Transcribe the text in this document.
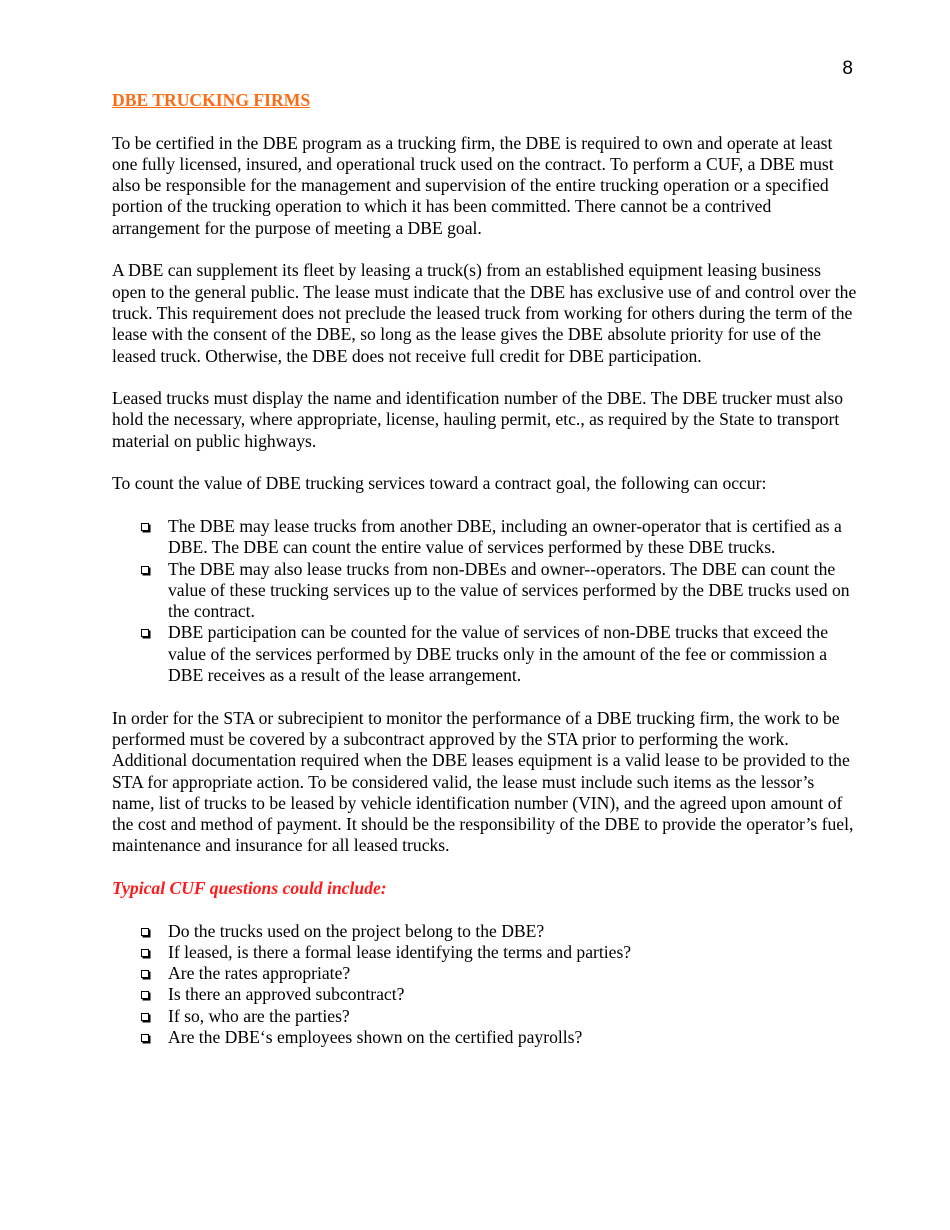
8
DBE TRUCKING FIRMS

To be certified in the DBE program as a trucking firm, the DBE is required to own and operate at least one fully licensed, insured, and operational truck used on the contract. To perform a CUF, a DBE must also be responsible for the management and supervision of the entire trucking operation or a specified portion of the trucking operation to which it has been committed. There cannot be a contrived arrangement for the purpose of meeting a DBE goal.

A DBE can supplement its fleet by leasing a truck(s) from an established equipment leasing business open to the general public. The lease must indicate that the DBE has exclusive use of and control over the truck. This requirement does not preclude the leased truck from working for others during the term of the lease with the consent of the DBE, so long as the lease gives the DBE absolute priority for use of the leased truck. Otherwise, the DBE does not receive full credit for DBE participation.

Leased trucks must display the name and identification number of the DBE. The DBE trucker must also hold the necessary, where appropriate, license, hauling permit, etc., as required by the State to transport material on public highways.

To count the value of DBE trucking services toward a contract goal, the following can occur:

The DBE may lease trucks from another DBE, including an owner-operator that is certified as a DBE. The DBE can count the entire value of services performed by these DBE trucks.
The DBE may also lease trucks from non-DBEs and owner--operators. The DBE can count the value of these trucking services up to the value of services performed by the DBE trucks used on the contract.
DBE participation can be counted for the value of services of non-DBE trucks that exceed the value of the services performed by DBE trucks only in the amount of the fee or commission a DBE receives as a result of the lease arrangement.

In order for the STA or subrecipient to monitor the performance of a DBE trucking firm, the work to be performed must be covered by a subcontract approved by the STA prior to performing the work. Additional documentation required when the DBE leases equipment is a valid lease to be provided to the STA for appropriate action. To be considered valid, the lease must include such items as the lessor’s name, list of trucks to be leased by vehicle identification number (VIN), and the agreed upon amount of the cost and method of payment. It should be the responsibility of the DBE to provide the operator’s fuel, maintenance and insurance for all leased trucks.

Typical CUF questions could include:
Do the trucks used on the project belong to the DBE?
If leased, is there a formal lease identifying the terms and parties?
Are the rates appropriate?
Is there an approved subcontract?
If so, who are the parties?
Are the DBE‘s employees shown on the certified payrolls?
